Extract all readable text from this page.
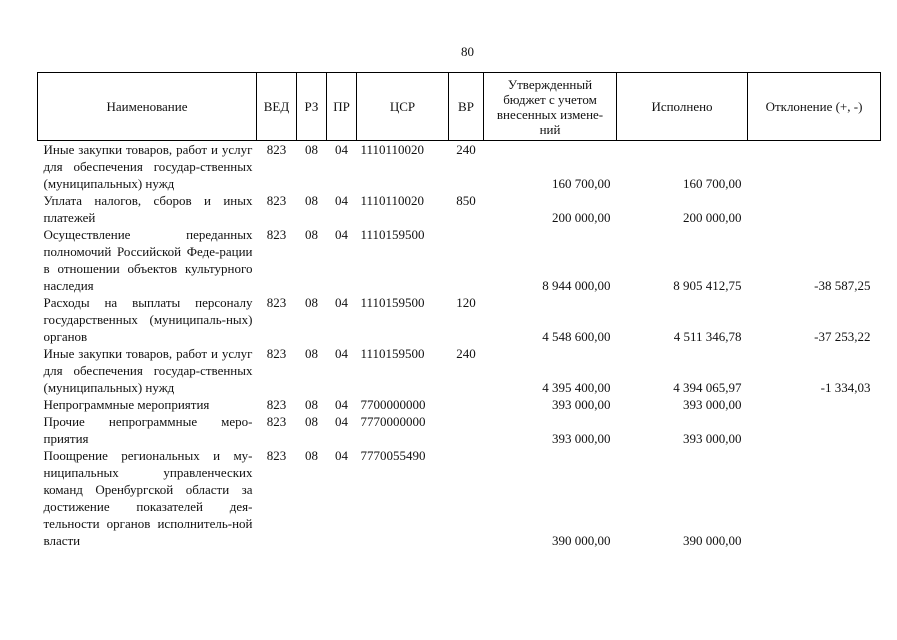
80
Наименование	ВЕД	РЗ	ПР	ЦСР	ВР	Утвержденный бюджет с учетом внесенных измене-ний	Исполнено	Отклонение (+, -)
Иные закупки товаров, работ и услуг для обеспечения государ-ственных (муниципальных) нужд	823	08	04	1110110020	240	160 700,00	160 700,00	
Уплата налогов, сборов и иных платежей	823	08	04	1110110020	850	200 000,00	200 000,00	
Осуществление переданных полномочий Российской Феде-рации в отношении объектов культурного наследия	823	08	04	1110159500		8 944 000,00	8 905 412,75	-38 587,25
Расходы на выплаты персоналу государственных (муниципаль-ных) органов	823	08	04	1110159500	120	4 548 600,00	4 511 346,78	-37 253,22
Иные закупки товаров, работ и услуг для обеспечения государ-ственных (муниципальных) нужд	823	08	04	1110159500	240	4 395 400,00	4 394 065,97	-1 334,03
Непрограммные мероприятия	823	08	04	7700000000		393 000,00	393 000,00	
Прочие непрограммные меро-приятия	823	08	04	7770000000		393 000,00	393 000,00	
Поощрение региональных и му-ниципальных управленческих команд Оренбургской области за достижение показателей дея-тельности органов исполнитель-ной власти	823	08	04	7770055490		390 000,00	390 000,00	
